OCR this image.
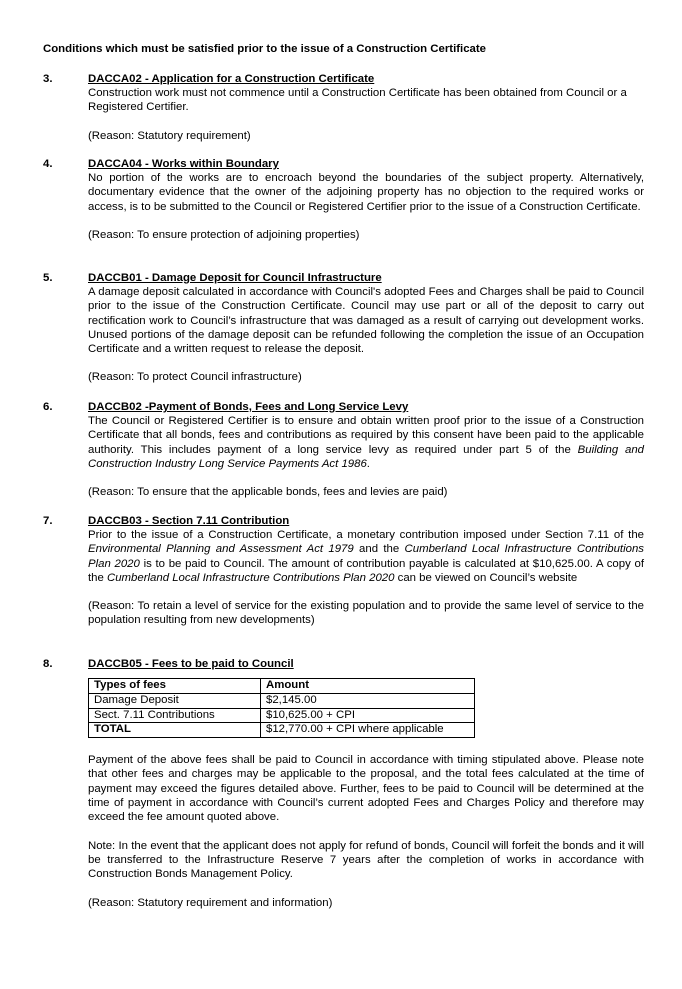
Conditions which must be satisfied prior to the issue of a Construction Certificate
3.	DACCA02 - Application for a Construction Certificate

Construction work must not commence until a Construction Certificate has been obtained from Council or a Registered Certifier.

(Reason: Statutory requirement)

4.	DACCA04 - Works within Boundary

No portion of the works are to encroach beyond the boundaries of the subject property. Alternatively, documentary evidence that the owner of the adjoining property has no objection to the required works or access, is to be submitted to the Council or Registered Certifier prior to the issue of a Construction Certificate.

(Reason: To ensure protection of adjoining properties)

5.	DACCB01 - Damage Deposit for Council Infrastructure

A damage deposit calculated in accordance with Council's adopted Fees and Charges shall be paid to Council prior to the issue of the Construction Certificate. Council may use part or all of the deposit to carry out rectification work to Council’s infrastructure that was damaged as a result of carrying out development works. Unused portions of the damage deposit can be refunded following the completion the issue of an Occupation Certificate and a written request to release the deposit.

(Reason: To protect Council infrastructure)

6.	DACCB02 -Payment of Bonds, Fees and Long Service Levy

The Council or Registered Certifier is to ensure and obtain written proof prior to the issue of a Construction Certificate that all bonds, fees and contributions as required by this consent have been paid to the applicable authority. This includes payment of a long service levy as required under part 5 of the Building and Construction Industry Long Service Payments Act 1986.

(Reason: To ensure that the applicable bonds, fees and levies are paid)

7.	DACCB03 - Section 7.11 Contribution

Prior to the issue of a Construction Certificate, a monetary contribution imposed under Section 7.11 of the Environmental Planning and Assessment Act 1979 and the Cumberland Local Infrastructure Contributions Plan 2020 is to be paid to Council. The amount of contribution payable is calculated at $10,625.00. A copy of the Cumberland Local Infrastructure Contributions Plan 2020 can be viewed on Council’s website

(Reason: To retain a level of service for the existing population and to provide the same level of service to the population resulting from new developments)

8.	DACCB05 - Fees to be paid to Council
Types of fees	Amount
Damage Deposit	$2,145.00
Sect. 7.11 Contributions	$10,625.00 + CPI
TOTAL	$12,770.00 + CPI where applicable

Payment of the above fees shall be paid to Council in accordance with timing stipulated above. Please note that other fees and charges may be applicable to the proposal, and the total fees calculated at the time of payment may exceed the figures detailed above. Further, fees to be paid to Council will be determined at the time of payment in accordance with Council’s current adopted Fees and Charges Policy and therefore may exceed the fee amount quoted above.

Note: In the event that the applicant does not apply for refund of bonds, Council will forfeit the bonds and it will be transferred to the Infrastructure Reserve 7 years after the completion of works in accordance with Construction Bonds Management Policy.

(Reason: Statutory requirement and information)
